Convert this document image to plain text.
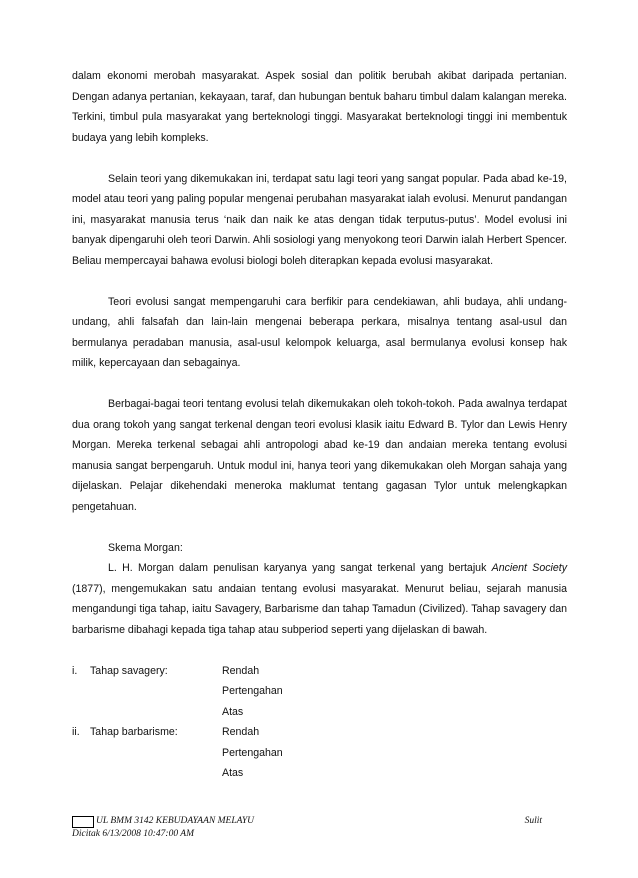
dalam ekonomi merobah masyarakat. Aspek sosial dan politik berubah akibat daripada pertanian. Dengan adanya pertanian, kekayaan, taraf, dan hubungan bentuk baharu timbul dalam kalangan mereka. Terkini, timbul pula masyarakat yang berteknologi tinggi. Masyarakat berteknologi tinggi ini membentuk budaya yang lebih kompleks.

Selain teori yang dikemukakan ini, terdapat satu lagi teori yang sangat popular. Pada abad ke-19, model atau teori yang paling popular mengenai perubahan masyarakat ialah evolusi. Menurut pandangan ini, masyarakat manusia terus ‘naik dan naik ke atas dengan tidak terputus-putus’. Model evolusi ini banyak dipengaruhi oleh teori Darwin. Ahli sosiologi yang menyokong teori Darwin ialah Herbert Spencer. Beliau mempercayai bahawa evolusi biologi boleh diterapkan kepada evolusi masyarakat.

Teori evolusi sangat mempengaruhi cara berfikir para cendekiawan, ahli budaya, ahli undang-undang, ahli falsafah dan lain-lain mengenai beberapa perkara, misalnya tentang asal-usul dan bermulanya peradaban manusia, asal-usul kelompok keluarga, asal bermulanya evolusi konsep hak milik, kepercayaan dan sebagainya.

Berbagai-bagai teori tentang evolusi telah dikemukakan oleh tokoh-tokoh. Pada awalnya terdapat dua orang tokoh yang sangat terkenal dengan teori evolusi klasik iaitu Edward B. Tylor dan Lewis Henry Morgan. Mereka terkenal sebagai ahli antropologi abad ke-19 dan andaian mereka tentang evolusi manusia sangat berpengaruh. Untuk modul ini, hanya teori yang dikemukakan oleh Morgan sahaja yang dijelaskan. Pelajar dikehendaki meneroka maklumat tentang gagasan Tylor untuk melengkapkan pengetahuan.

Skema Morgan:

L. H. Morgan dalam penulisan karyanya yang sangat terkenal yang bertajuk Ancient Society (1877), mengemukakan satu andaian tentang evolusi masyarakat. Menurut beliau, sejarah manusia mengandungi tiga tahap, iaitu Savagery, Barbarisme dan tahap Tamadun (Civilized). Tahap savagery dan barbarisme dibahagi kepada tiga tahap atau subperiod seperti yang dijelaskan di bawah.

i. Tahap savagery:	Rendah
Pertengahan
Atas
ii. Tahap barbarisme:	Rendah
Pertengahan
Atas
UL BMM 3142 KEBUDAYAAN MELAYU	Sulit
Dicitak 6/13/2008 10:47:00 AM
